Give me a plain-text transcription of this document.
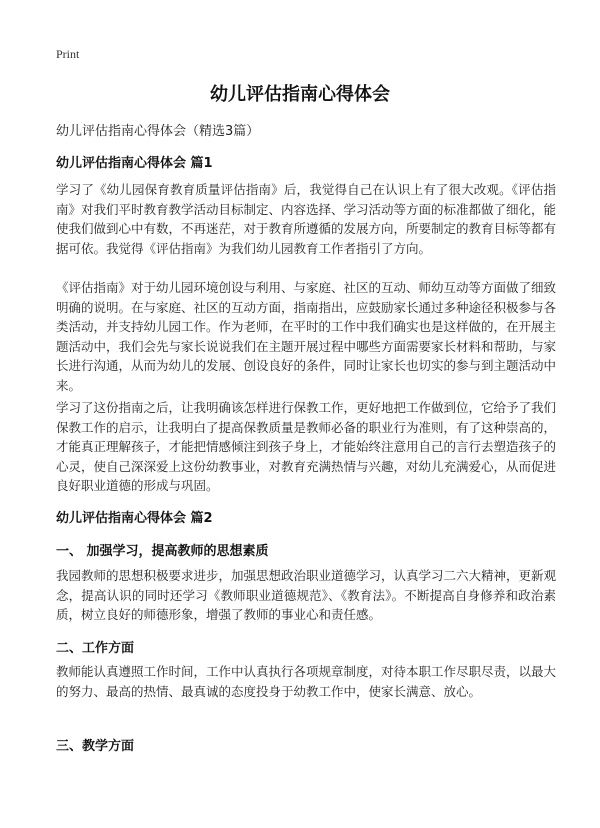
Print
幼儿评估指南心得体会
幼儿评估指南心得体会（精选3篇）
幼儿评估指南心得体会 篇1
学习了《幼儿园保育教育质量评估指南》后，我觉得自己在认识上有了很大改观。《评估指南》对我们平时教育教学活动目标制定、内容选择、学习活动等方面的标准都做了细化，能使我们做到心中有数，不再迷茫，对于教育所遵循的发展方向，所要制定的教育目标等都有据可依。我觉得《评估指南》为我们幼儿园教育工作者指引了方向。
《评估指南》对于幼儿园环境创设与利用、与家庭、社区的互动、师幼互动等方面做了细致明确的说明。在与家庭、社区的互动方面，指南指出，应鼓励家长通过多种途径积极参与各类活动，并支持幼儿园工作。作为老师，在平时的工作中我们确实也是这样做的，在开展主题活动中，我们会先与家长说说我们在主题开展过程中哪些方面需要家长材料和帮助，与家长进行沟通，从而为幼儿的发展、创设良好的条件，同时让家长也切实的参与到主题活动中来。
学习了这份指南之后，让我明确该怎样进行保教工作，更好地把工作做到位，它给予了我们保教工作的启示，让我明白了提高保教质量是教师必备的职业行为准则，有了这种崇高的，才能真正理解孩子，才能把情感倾注到孩子身上，才能始终注意用自己的言行去塑造孩子的心灵，使自己深深爱上这份幼教事业，对教育充满热情与兴趣，对幼儿充满爱心，从而促进良好职业道德的形成与巩固。
幼儿评估指南心得体会 篇2
一、 加强学习，提高教师的思想素质
我园教师的思想积极要求进步，加强思想政治职业道德学习，认真学习二六大精神，更新观念，提高认识的同时还学习《教师职业道德规范》、《教育法》。不断提高自身修养和政治素质，树立良好的师德形象，增强了教师的事业心和责任感。
二、工作方面
教师能认真遵照工作时间，工作中认真执行各项规章制度，对待本职工作尽职尽责，以最大的努力、最高的热情、最真诚的态度投身于幼教工作中，使家长满意、放心。
三、教学方面
